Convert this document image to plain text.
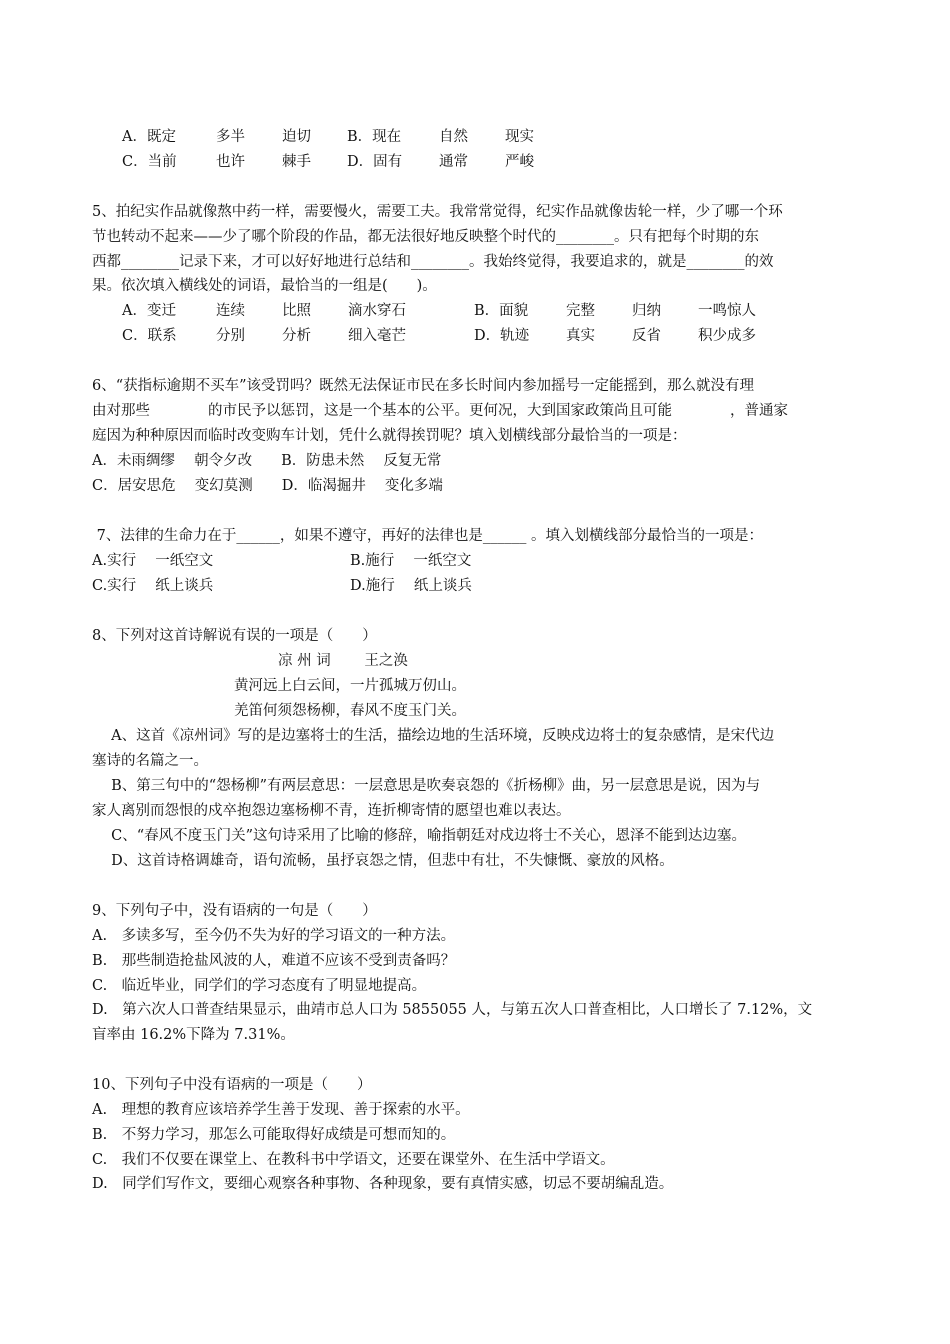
A．既定	多半	迫切	B．现在	自然	现实
C．当前	也许	棘手	D．固有	通常	严峻
5、拍纪实作品就像熬中药一样，需要慢火，需要工夫。我常常觉得，纪实作品就像齿轮一样，少了哪一个环
节也转动不起来——少了哪个阶段的作品，都无法很好地反映整个时代的________。只有把每个时期的东
西都________记录下来，才可以好好地进行总结和________。我始终觉得，我要追求的，就是________的效
果。依次填入横线处的词语，最恰当的一组是(　　)。
A．变迁	连续	比照	滴水穿石	B．面貌	完整	归纳	一鸣惊人
C．联系	分别	分析	细入毫芒	D．轨迹	真实	反省	积少成多
6、“获指标逾期不买车”该受罚吗？既然无法保证市民在多长时间内参加摇号一定能摇到，那么就没有理
由对那些　　　　的市民予以惩罚，这是一个基本的公平。更何况，大到国家政策尚且可能　　　　，普通家
庭因为种种原因而临时改变购车计划，凭什么就得挨罚呢？填入划横线部分最恰当的一项是：
A．未雨绸缪　 朝令夕改　　B．防患未然　 反复无常
C．居安思危　 变幻莫测　　D．临渴掘井　 变化多端
7、法律的生命力在于______，如果不遵守，再好的法律也是______ 。填入划横线部分最恰当的一项是：
A.实行　 一纸空文	B.施行　 一纸空文
C.实行　 纸上谈兵	D.施行　 纸上谈兵
8、下列对这首诗解说有误的一项是（　　）
凉 州 词　　 王之涣
黄河远上白云间，一片孤城万仞山。
羌笛何须怨杨柳，春风不度玉门关。
　 A、这首《凉州词》写的是边塞将士的生活，描绘边地的生活环境，反映戍边将士的复杂感情，是宋代边
塞诗的名篇之一。
　 B、第三句中的“怨杨柳”有两层意思：一层意思是吹奏哀怨的《折杨柳》曲，另一层意思是说，因为与
家人离别而怨恨的戍卒抱怨边塞杨柳不青，连折柳寄情的愿望也难以表达。
　 C、“春风不度玉门关”这句诗采用了比喻的修辞，喻指朝廷对戍边将士不关心，恩泽不能到达边塞。
　 D、这首诗格调雄奇，语句流畅，虽抒哀怨之情，但悲中有壮，不失慷慨、豪放的风格。
9、下列句子中，没有语病的一句是（　　）
A.　多读多写，至今仍不失为好的学习语文的一种方法。
B.　那些制造抢盐风波的人，难道不应该不受到责备吗？
C.　临近毕业，同学们的学习态度有了明显地提高。
D.　第六次人口普查结果显示，曲靖市总人口为 5855055 人，与第五次人口普查相比，人口增长了 7.12%，文
盲率由 16.2%下降为 7.31%。
10、下列句子中没有语病的一项是（　　）
A.　理想的教育应该培养学生善于发现、善于探索的水平。
B.　不努力学习，那怎么可能取得好成绩是可想而知的。
C.　我们不仅要在课堂上、在教科书中学语文，还要在课堂外、在生活中学语文。
D.　同学们写作文，要细心观察各种事物、各种现象，要有真情实感，切忌不要胡编乱造。
